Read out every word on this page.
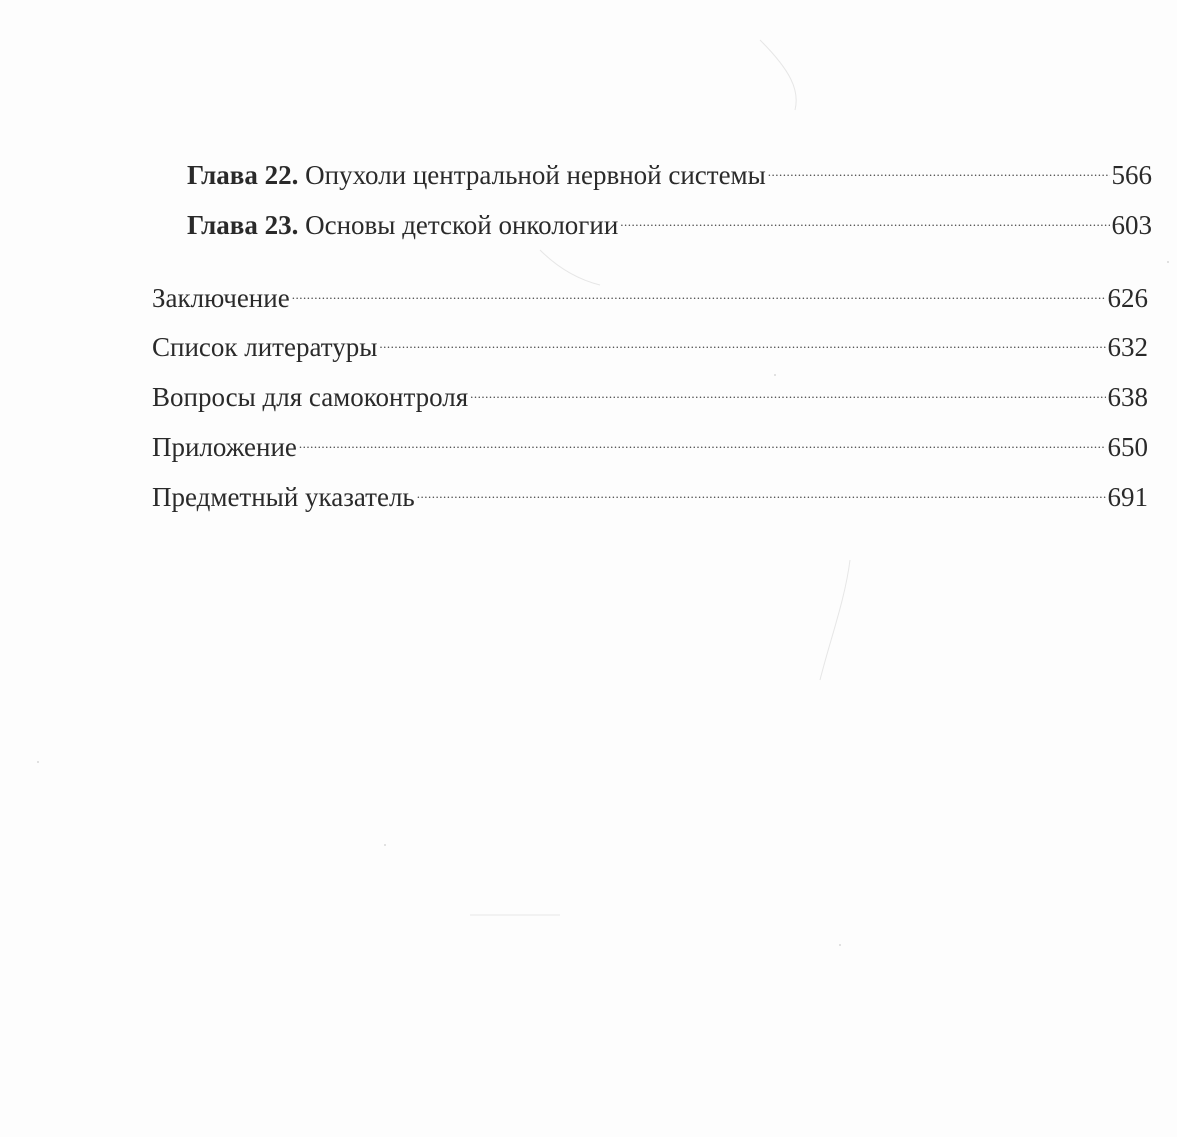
Глава 22. Опухоли центральной нервной системы .....	566
Глава 23. Основы детской онкологии .....	603
Заключение .....	626
Список литературы .....	632
Вопросы для самоконтроля .....	638
Приложение .....	650
Предметный указатель .....	691
